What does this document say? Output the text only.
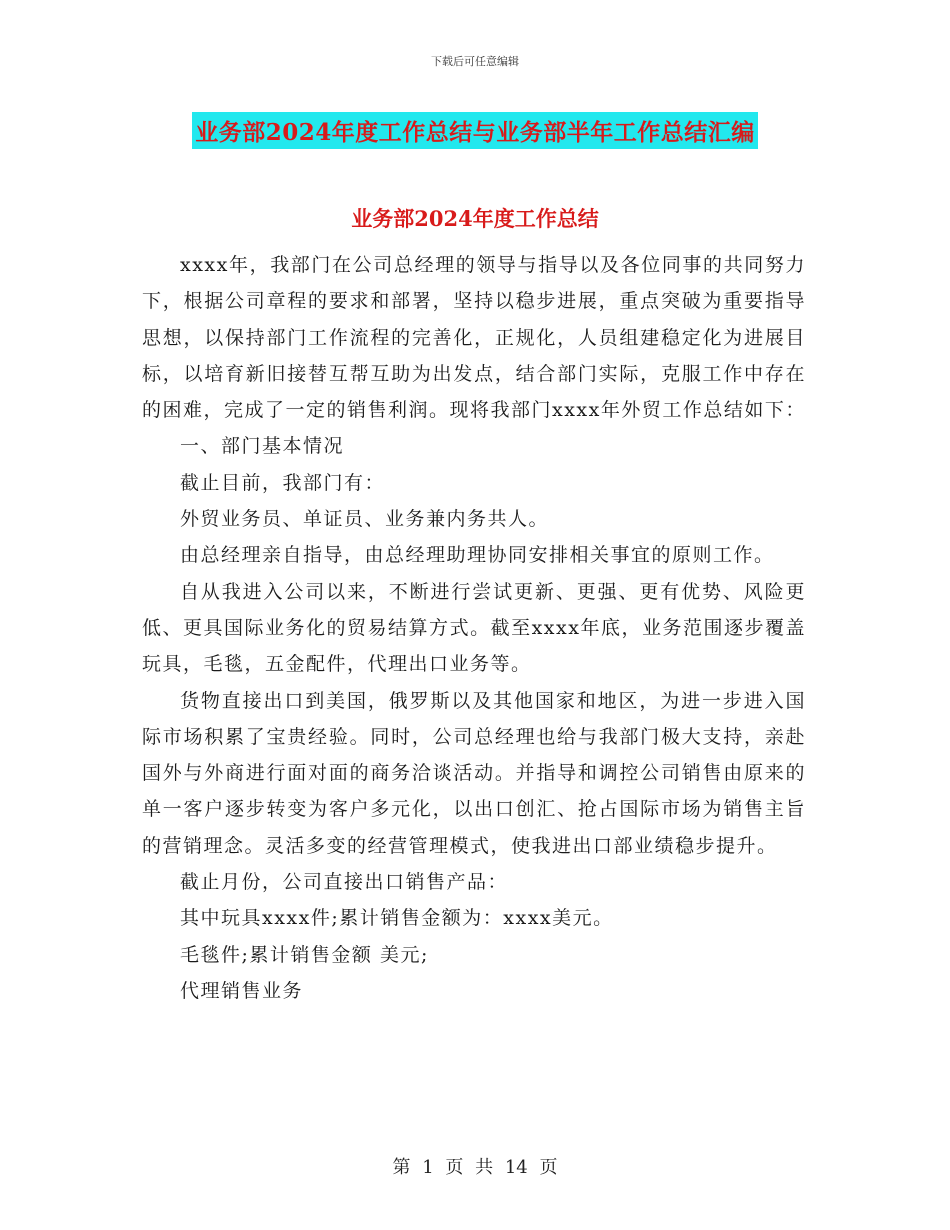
下载后可任意编辑
业务部2024年度工作总结与业务部半年工作总结汇编
业务部2024年度工作总结

xxxx年，我部门在公司总经理的领导与指导以及各位同事的共同努力下，根据公司章程的要求和部署，坚持以稳步进展，重点突破为重要指导思想，以保持部门工作流程的完善化，正规化，人员组建稳定化为进展目标，以培育新旧接替互帮互助为出发点，结合部门实际，克服工作中存在的困难，完成了一定的销售利润。现将我部门xxxx年外贸工作总结如下：

一、部门基本情况

截止目前，我部门有：

外贸业务员、单证员、业务兼内务共人。

由总经理亲自指导，由总经理助理协同安排相关事宜的原则工作。

自从我进入公司以来，不断进行尝试更新、更强、更有优势、风险更低、更具国际业务化的贸易结算方式。截至xxxx年底，业务范围逐步覆盖玩具，毛毯，五金配件，代理出口业务等。

货物直接出口到美国，俄罗斯以及其他国家和地区，为进一步进入国际市场积累了宝贵经验。同时，公司总经理也给与我部门极大支持，亲赴国外与外商进行面对面的商务洽谈活动。并指导和调控公司销售由原来的单一客户逐步转变为客户多元化，以出口创汇、抢占国际市场为销售主旨的营销理念。灵活多变的经营管理模式，使我进出口部业绩稳步提升。

截止月份，公司直接出口销售产品：

其中玩具xxxx件;累计销售金额为：xxxx美元。

毛毯件;累计销售金额 美元;

代理销售业务

第 1 页 共 14 页
